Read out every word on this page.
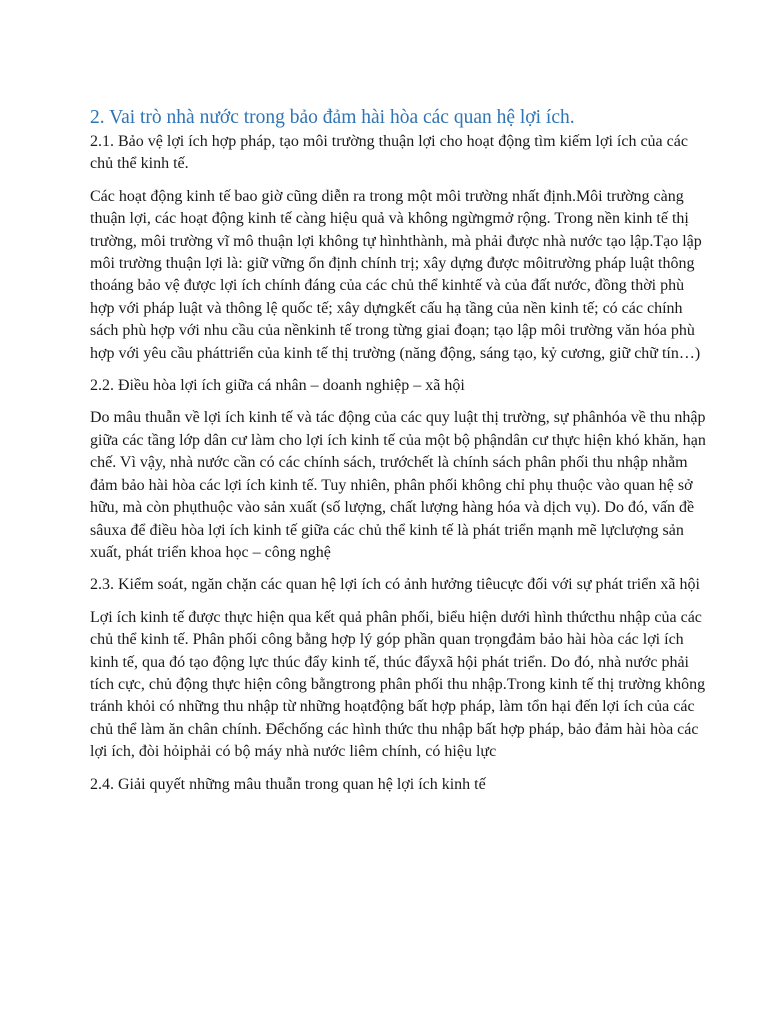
2. Vai trò nhà nước trong bảo đảm hài hòa các quan hệ lợi ích.

2.1. Bảo vệ lợi ích hợp pháp, tạo môi trường thuận lợi cho hoạt động tìm kiếm lợi ích của các chủ thể kinh tế.

Các hoạt động kinh tế bao giờ cũng diễn ra trong một môi trường nhất định.Môi trường càng thuận lợi, các hoạt động kinh tế càng hiệu quả và không ngừngmở rộng. Trong nền kinh tế thị trường, môi trường vĩ mô thuận lợi không tự hìnhthành, mà phải được nhà nước tạo lập.Tạo lập môi trường thuận lợi là: giữ vững ổn định chính trị; xây dựng được môitrường pháp luật thông thoáng bảo vệ được lợi ích chính đáng của các chủ thể kinhtế và của đất nước, đồng thời phù hợp với pháp luật và thông lệ quốc tế; xây dựngkết cấu hạ tầng của nền kinh tế; có các chính sách phù hợp với nhu cầu của nềnkinh tế trong từng giai đoạn; tạo lập môi trường văn hóa phù hợp với yêu cầu pháttriển của kinh tế thị trường (năng động, sáng tạo, kỷ cương, giữ chữ tín…)

2.2. Điều hòa lợi ích giữa cá nhân – doanh nghiệp – xã hội

Do mâu thuẫn về lợi ích kinh tế và tác động của các quy luật thị trường, sự phânhóa về thu nhập giữa các tầng lớp dân cư làm cho lợi ích kinh tế của một bộ phậndân cư thực hiện khó khăn, hạn chế. Vì vậy, nhà nước cần có các chính sách, trướchết là chính sách phân phối thu nhập nhằm đảm bảo hài hòa các lợi ích kinh tế. Tuy nhiên, phân phối không chỉ phụ thuộc vào quan hệ sở hữu, mà còn phụthuộc vào sản xuất (số lượng, chất lượng hàng hóa và dịch vụ). Do đó, vấn đề sâuxa để điều hòa lợi ích kinh tế giữa các chủ thể kinh tế là phát triển mạnh mẽ lựclượng sản xuất, phát triển khoa học – công nghệ

2.3. Kiểm soát, ngăn chặn các quan hệ lợi ích có ảnh hưởng tiêucực đối với sự phát triển xã hội

Lợi ích kinh tế được thực hiện qua kết quả phân phối, biểu hiện dưới hình thứcthu nhập của các chủ thể kinh tế. Phân phối công bằng hợp lý góp phần quan trọngđảm bảo hài hòa các lợi ích kinh tế, qua đó tạo động lực thúc đẩy kinh tế, thúc đẩyxã hội phát triển. Do đó, nhà nước phải tích cực, chủ động thực hiện công bằngtrong phân phối thu nhập.Trong kinh tế thị trường không tránh khỏi có những thu nhập từ những hoạtđộng bất hợp pháp, làm tổn hại đến lợi ích của các chủ thể làm ăn chân chính. Đểchống các hình thức thu nhập bất hợp pháp, bảo đảm hài hòa các lợi ích, đòi hỏiphải có bộ máy nhà nước liêm chính, có hiệu lực

2.4. Giải quyết những mâu thuẫn trong quan hệ lợi ích kinh tế
